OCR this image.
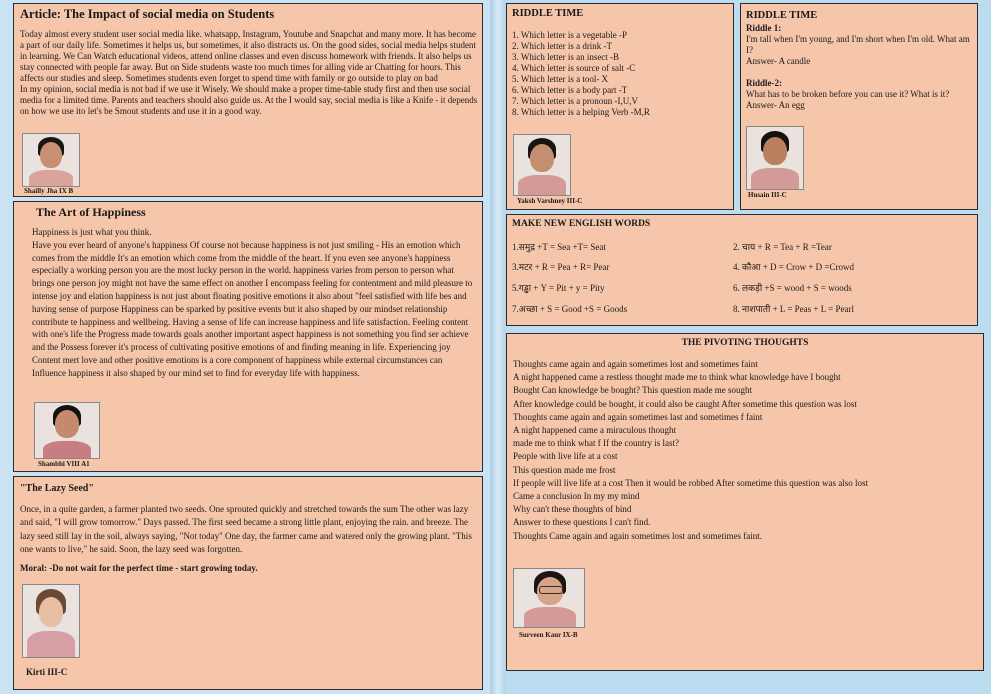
Article: The Impact of social media on Students

Today almost every student user social media like. whatsapp, Instagram, Youtube and Snapchat and many more. It has become a part of our daily life. Sometimes it helps us, but sometimes, it also distracts us. On the good sides, social media helps student in learning. We Can Watch educational videos, attend online classes and even discuss homework with friends. It also helps us stay connected with people far away. But on Side students waste too much times for alling vide ar Chatting for hours. This affects our studies and sleep. Sometimes students even forget to spend time with family or go outside to play on bad

In my opinion, social media is not bad if we use it Wisely. We should make a proper time-table study first and then use social media for a limited time. Parents and teachers should also guide us. At the I would say, social media is like a Knife - it depends on how we use ito let's be Smout students and use it in a good way.

Shailly Jha IX B
The Art of Happiness

Happiness is just what you think.

Have you ever heard of anyone's happiness Of course not because happiness is not just smiling - His an emotion which comes from the middle It's an emotion which come from the middle of the heart. If you even see anyone's happiness especially a working person you are the most lucky person in the world. happiness varies from person to person what brings one person joy might not have the same effect on another I encompass feeling for contentment and mild pleasure to intense joy and elation happiness is not just about floating positive emotions it also about "feel satisfied with life bes and having sense of purpose Happiness can be sparked by positive events but it also shaped by our mindset relationship contribute te happiness and wellbeing. Having a sense of life can increase happiness and life satisfaction. Feeling content with one's life the Progress made towards goals another important aspect happiness is not something you find ser achieve and the Possess forever it's process of cultivating positive emotions of and finding meaning in life. Experiencing joy Content mert love and other positive emotions is a core component of happiness while external circumstances can Influence happiness it also shaped by our mind set to find for everyday life with happiness.

Shambhi VIII A1
"The Lazy Seed"
Once, in a quite garden, a farmer planted two seeds. One sprouted quickly and stretched towards the sum The other was lazy and said, "I will grow tomorrow." Days passed. The first seed became a strong little plant, enjoying the rain. and breeze. The lazy seed still lay in the soil, always saying, "Not today" One day, the farmer came and watered only the growing plant. "This one wants to live," he said. Soon, the lazy seed was forgotten.
Moral: -Do not wait for the perfect time - start growing today.
Kirti III-C
RIDDLE TIME
1. Which letter is a vegetable -P
2. Which letter is a drink -T
3. Which letter is an insect -B
4. Which letter is source of salt -C
5. Which letter is a tool- X
6. Which letter is a body part -T
7. Which letter is a pronoun -I,U,V
8. Which letter is a helping Verb -M,R
Yaksh Varshney III-C
RIDDLE TIME
Riddle 1:
I'm tall when I'm young, and I'm short when I'm old. What am I?
Answer- A candle
Riddle-2:
What has to be broken before you can use it? What is it?
Answer- An egg
Husain III-C
MAKE NEW ENGLISH WORDS
1.समुद्र +T = Sea +T= Seat	2. चाय + R = Tea + R =Tear
3.मटर + R = Pea + R= Pear	4. कौआ + D = Crow + D =Crowd
5.गड्ढा + Y = Pit + y = Pity	6. लकड़ी +S = wood + S = woods
7.अच्छा + S = Good +S = Goods	8. नाशपाती + L = Peas + L = Pearl
THE PIVOTING THOUGHTS
Thoughts came again and again sometimes lost and sometimes faint
A night happened came a restless thought made me to think what knowledge have I bought
Bought Can knowledge be bought? This question made me sought
After knowledge could be bought, it could also be caught After sometime this question was lost
Thoughts came again and again sometimes last and sometimes f faint
A night happened came a miraculous thought
made me to think what f If the country is last?
People with live life at a cost
This question made me frost
If people will live life at a cost Then it would be robbed After sometime this question was also lost
Came a conclusion In my my mind
Why can't these thoughts of bind
Answer to these questions I can't find.
Thoughts Came again and again sometimes lost and sometimes faint.
Surveen Kaur IX-B
